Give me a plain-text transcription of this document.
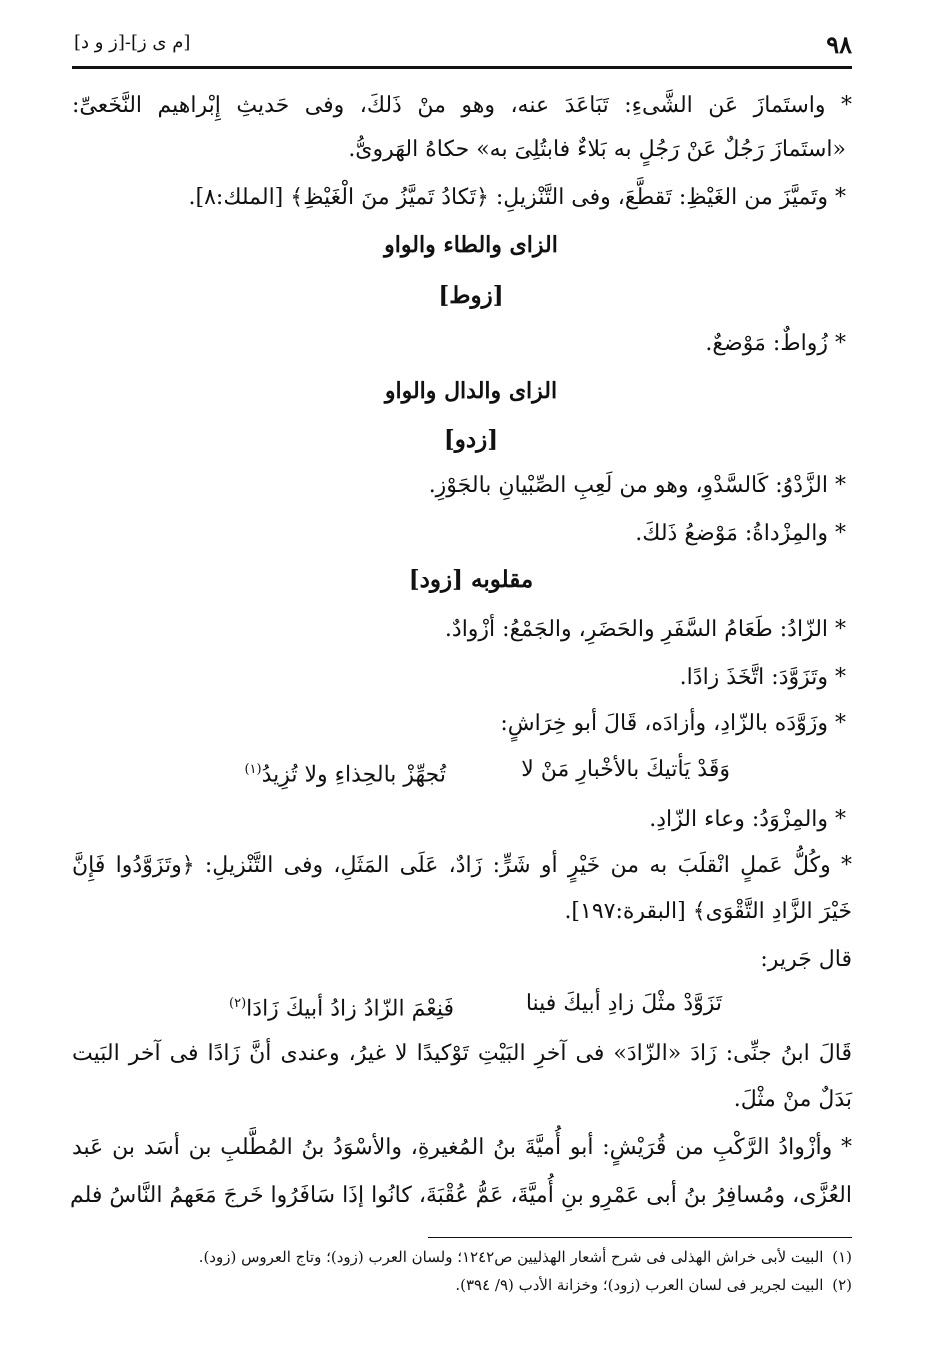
٩٨
[م ى ز]-[ز و د]
* واستَمازَ عَن الشَّىءِ: تَبَاعَدَ عنه، وهو منْ ذَلكَ، وفى حَديثِ إِبْراهيم النَّخَعىِّ:
«استَمازَ رَجُلٌ عَنْ رَجُلٍ به بَلاءٌ فابتُلِىَ به» حكاهُ الهَروىُّ.
* وتَميَّزَ من الغَيْظِ: تَقطَّعَ، وفى التَّنْزيلِ: ﴿تَكادُ تَميَّزُ منَ الْغَيْظِ﴾ [الملك:٨].
الزاى والطاء والواو
[زوط]
* زُواطٌ: مَوْضعٌ.
الزاى والدال والواو
[زدو]
* الزَّدْوُ: كَالسَّدْوِ، وهو من لَعِبِ الصِّبْيانِ بالجَوْزِ.
* والمِزْداةُ: مَوْضعُ ذَلكَ.
مقلوبه [زود]
* الزّادُ: طَعَامُ السَّفَرِ والحَضَرِ، والجَمْعُ: أزْوادٌ.
* وتَزَوَّدَ: اتَّخَذَ زادًا.
* وزَوَّدَه بالزّادِ، وأزادَه، قَالَ أبو خِرَاشٍ:
وَقَدْ يَأتيكَ بالأخْبارِ مَنْ لا
تُجهِّزْ بالحِذاءِ ولا تُزِيدُ$^{(١)}$
* والمِزْوَدُ: وعاء الزّادِ.
* وكُلُّ عَملٍ انْقلَبَ به من خَيْرٍ أو شَرٍّ: زَادٌ، عَلَى المَثَلِ، وفى التَّنْزيلِ: ﴿وتَزَوَّدُوا فَإِنَّ
خَيْرَ الزَّادِ التَّقْوَى﴾ [البقرة:١٩٧].
قال جَرير:
تَزَوَّدْ مثْلَ زادِ أبيكَ فينا
فَنِعْمَ الزّادُ زادُ أبيكَ زَادَا$^{(٢)}$
قَالَ ابنُ جنِّى: زَادَ «الزّادَ» فى آخرِ البَيْتِ تَوْكيدًا لا غيرُ، وعندى أنَّ زَادًا فى آخر البَيت
بَدَلٌ منْ مثْلَ.
* وأزْوادُ الرَّكْبِ من قُرَيْشٍ: أبو أُميَّةَ بنُ المُغيرةِ، والأسْوَدُ بنُ المُطَّلبِ بن أسَد بن عَبد
العُزَّى، ومُسافِرُ بنُ أبى عَمْرِو بنِ أُميَّةَ، عَمُّ عُقْبَةَ، كانُوا إذَا سَافَرُوا خَرجَ مَعَهمُ النَّاسُ فلم
(١) البيت لأبى خراش الهذلى فى شرح أشعار الهذليين ص١٢٤٢؛ ولسان العرب (زود)؛ وتاج العروس (زود).
(٢) البيت لجرير فى لسان العرب (زود)؛ وخزانة الأدب (٩/ ٣٩٤).
